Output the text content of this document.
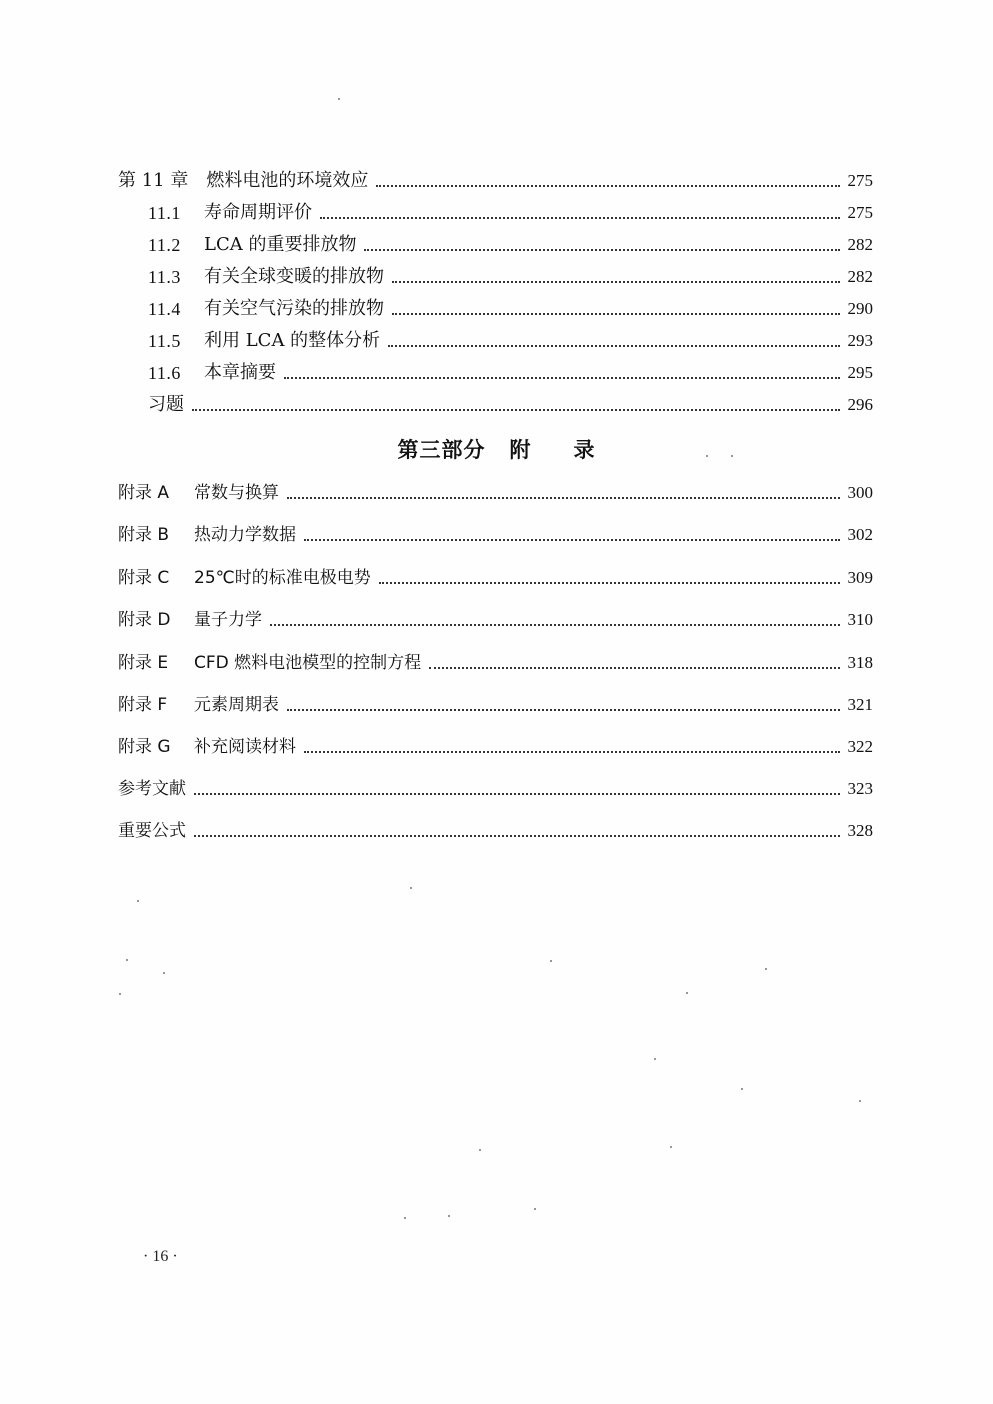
第 11 章 燃料电池的环境效应	275
11.1	寿命周期评价	275
11.2	LCA 的重要排放物	282
11.3	有关全球变暖的排放物	282
11.4	有关空气污染的排放物	290
11.5	利用 LCA 的整体分析	293
11.6	本章摘要	295
习题	296
第三部分 附 录
附录 A	常数与换算	300
附录 B	热动力学数据	302
附录 C	25℃时的标准电极电势	309
附录 D	量子力学	310
附录 E	CFD 燃料电池模型的控制方程	318
附录 F	元素周期表	321
附录 G	补充阅读材料	322
参考文献	323
重要公式	328
· 16 ·
